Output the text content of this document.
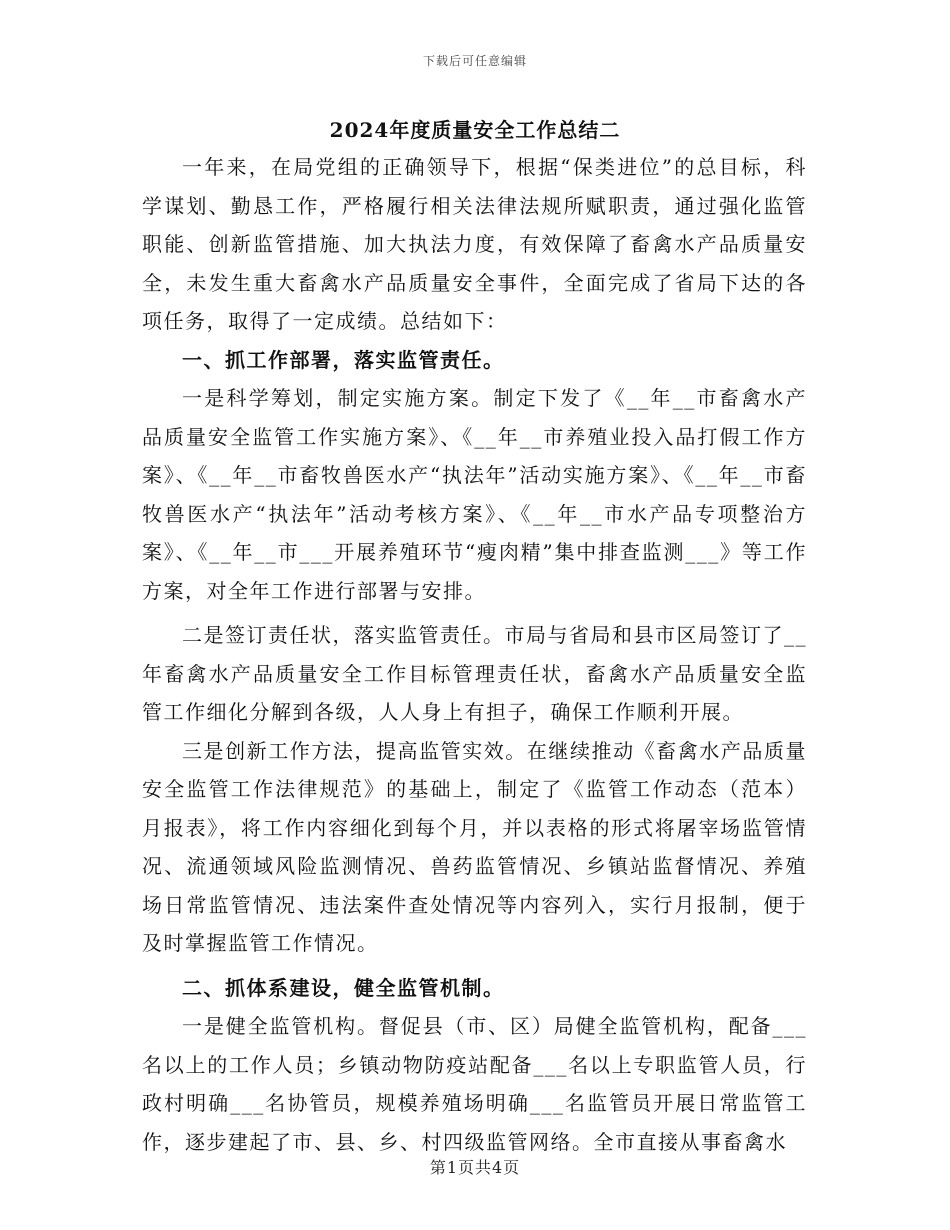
下载后可任意编辑
2024年度质量安全工作总结二

一年来，在局党组的正确领导下，根据“保类进位”的总目标，科学谋划、勤恳工作，严格履行相关法律法规所赋职责，通过强化监管职能、创新监管措施、加大执法力度，有效保障了畜禽水产品质量安全，未发生重大畜禽水产品质量安全事件，全面完成了省局下达的各项任务，取得了一定成绩。总结如下：

一、抓工作部署，落实监管责任。

一是科学筹划，制定实施方案。制定下发了《__年__市畜禽水产品质量安全监管工作实施方案》、《__年__市养殖业投入品打假工作方案》、《__年__市畜牧兽医水产“执法年”活动实施方案》、《__年__市畜牧兽医水产“执法年”活动考核方案》、《__年__市水产品专项整治方案》、《__年__市___开展养殖环节“瘦肉精”集中排查监测___》等工作方案，对全年工作进行部署与安排。

二是签订责任状，落实监管责任。市局与省局和县市区局签订了__年畜禽水产品质量安全工作目标管理责任状，畜禽水产品质量安全监管工作细化分解到各级，人人身上有担子，确保工作顺利开展。

三是创新工作方法，提高监管实效。在继续推动《畜禽水产品质量安全监管工作法律规范》的基础上，制定了《监管工作动态（范本）月报表》，将工作内容细化到每个月，并以表格的形式将屠宰场监管情况、流通领域风险监测情况、兽药监管情况、乡镇站监督情况、养殖场日常监管情况、违法案件查处情况等内容列入，实行月报制，便于及时掌握监管工作情况。

二、抓体系建设，健全监管机制。

一是健全监管机构。督促县（市、区）局健全监管机构，配备___名以上的工作人员；乡镇动物防疫站配备___名以上专职监管人员，行政村明确___名协管员，规模养殖场明确___名监管员开展日常监管工作，逐步建起了市、县、乡、村四级监管网络。全市直接从事畜禽水

第1页共4页
